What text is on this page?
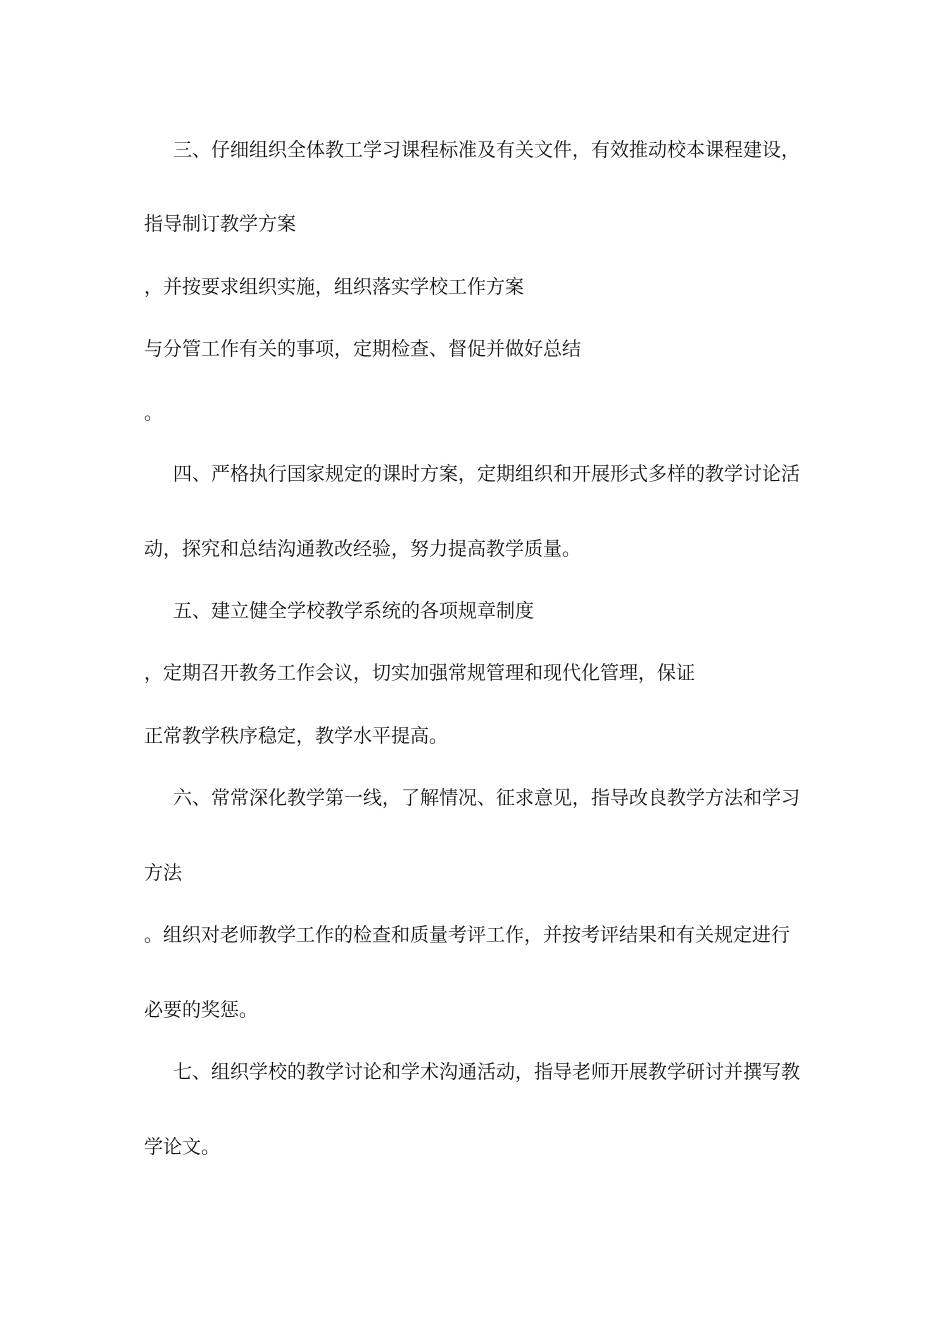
三、仔细组织全体教工学习课程标准及有关文件，有效推动校本课程建设，
指导制订教学方案
，并按要求组织实施，组织落实学校工作方案
与分管工作有关的事项，定期检查、督促并做好总结
。
四、严格执行国家规定的课时方案，定期组织和开展形式多样的教学讨论活
动，探究和总结沟通教改经验，努力提高教学质量。
五、建立健全学校教学系统的各项规章制度
，定期召开教务工作会议，切实加强常规管理和现代化管理，保证
正常教学秩序稳定，教学水平提高。
六、常常深化教学第一线，了解情况、征求意见，指导改良教学方法和学习
方法
。组织对老师教学工作的检查和质量考评工作，并按考评结果和有关规定进行
必要的奖惩。
七、组织学校的教学讨论和学术沟通活动，指导老师开展教学研讨并撰写教
学论文。
